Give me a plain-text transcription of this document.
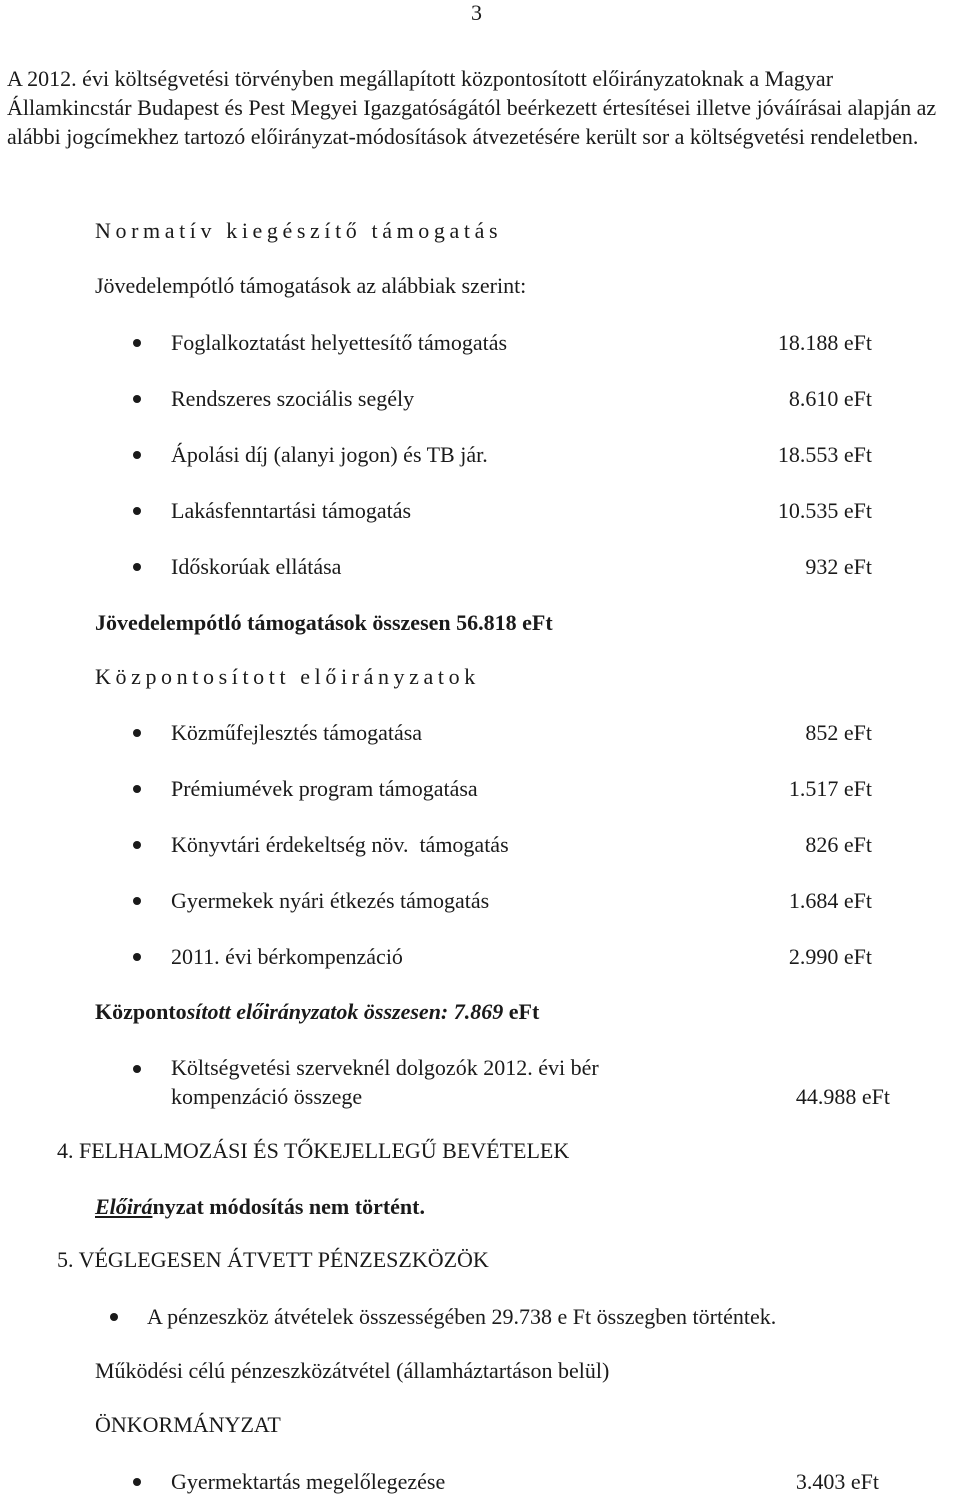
3
A 2012. évi költségvetési törvényben megállapított központosított előirányzatoknak a Magyar Államkincstár Budapest és Pest Megyei Igazgatóságától beérkezett értesítései illetve jóváírásai alapján az alábbi jogcímekhez tartozó előirányzat-módosítások átvezetésére került sor a költségvetési rendeletben.
Normatív kiegészítő támogatás
Jövedelempótló támogatások az alábbiak szerint:
Foglalkoztatást helyettesítő támogatás	18.188 eFt
Rendszeres szociális segély	8.610 eFt
Ápolási díj (alanyi jogon) és TB jár.	18.553 eFt
Lakásfenntartási támogatás	10.535 eFt
Időskorúak ellátása	932 eFt
Jövedelempótló támogatások összesen 56.818 eFt
Központosított előirányzatok
Közműfejlesztés támogatása	852 eFt
Prémiumévek program támogatása	1.517 eFt
Könyvtári érdekeltség növ.  támogatás	826 eFt
Gyermekek nyári étkezés támogatás	1.684 eFt
2011. évi bérkompenzáció	2.990 eFt
Központosított előirányzatok összesen: 7.869 eFt
Költségvetési szerveknél dolgozók 2012. évi bér
kompenzáció összege	44.988 eFt
4. FELHALMOZÁSI ÉS TŐKEJELLEGŰ BEVÉTELEK
Előirányzat módosítás nem történt.
5. VÉGLEGESEN ÁTVETT PÉNZESZKÖZÖK
A pénzeszköz átvételek összességében 29.738 e Ft összegben történtek.
Működési célú pénzeszközátvétel (államháztartáson belül)
ÖNKORMÁNYZAT
Gyermektartás megelőlegezése	3.403 eFt
